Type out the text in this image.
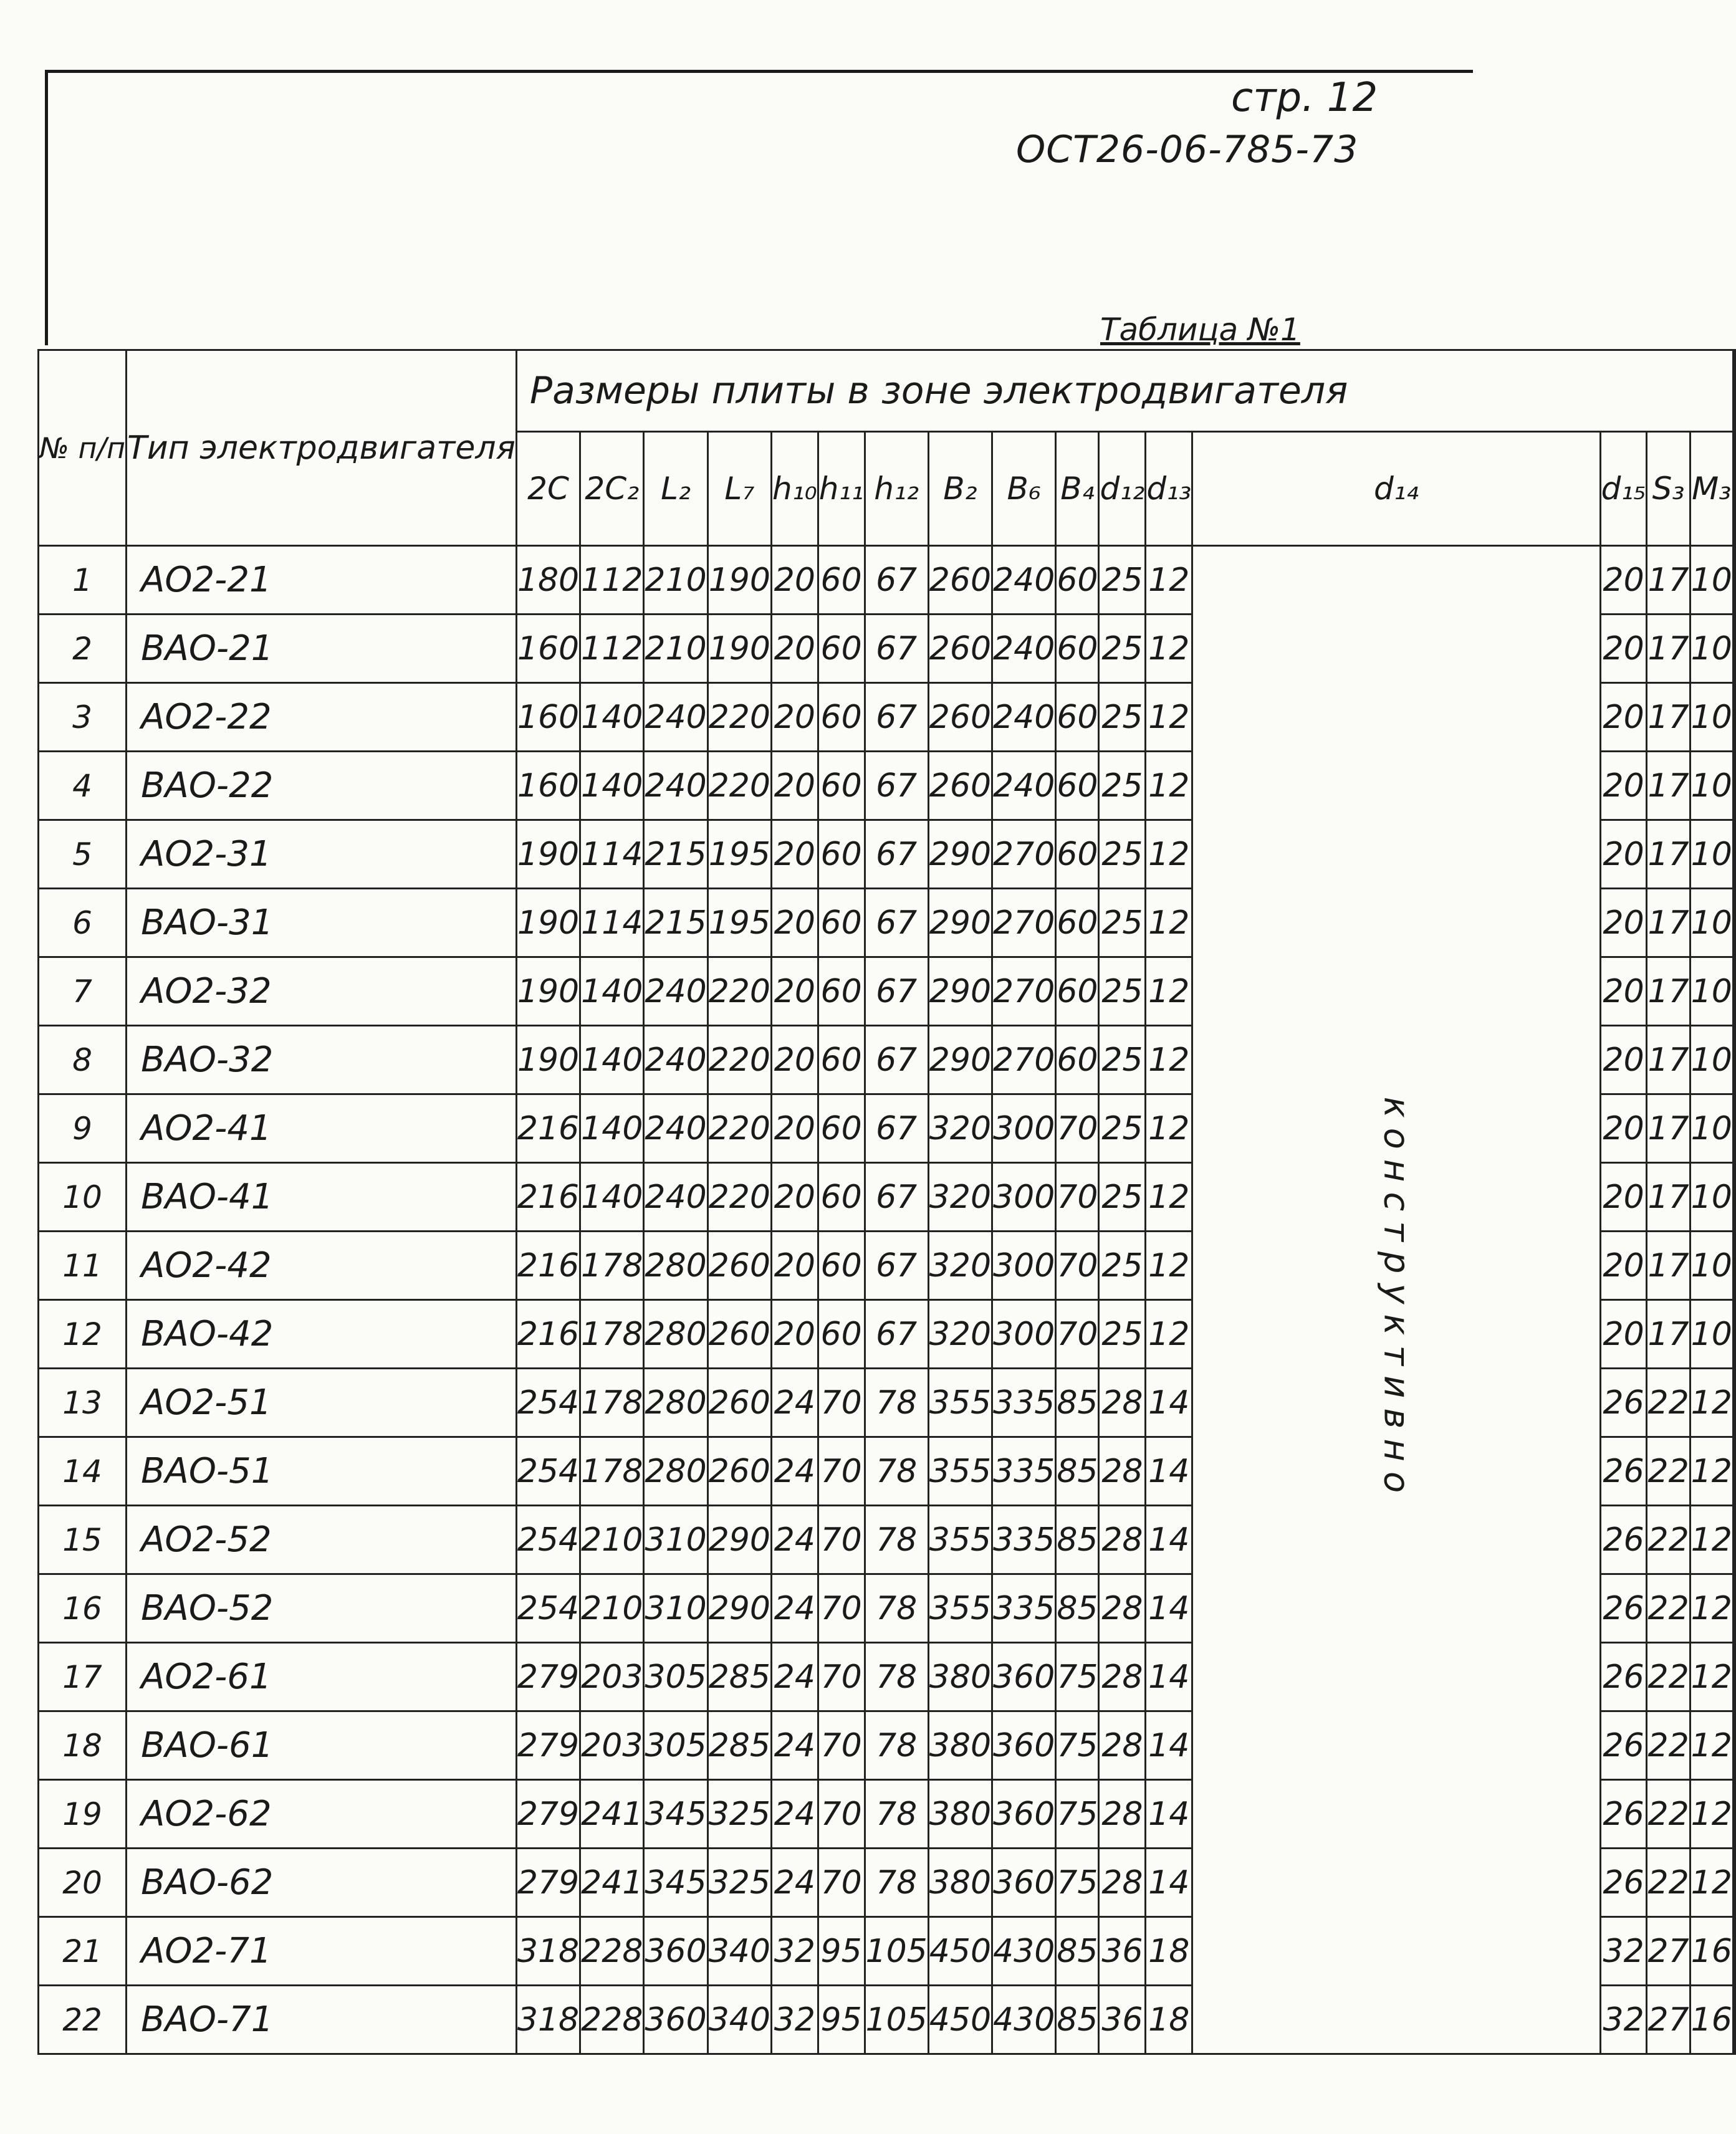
стр. 12
ОСТ26-06-785-73
Таблица №1
№ п/п	Тип электродвигателя	Размеры плиты в зоне электродвигателя																
		2C	2C₂	L₂	L₇	h₁₀	h₁₁	h₁₂	B₂	B₆	B₄	d₁₂	d₁₃	d₁₄	d₁₅	S₃	M₃	
1	АО2-21	180	112	210	190	20	60	67	260	240	60	25	12	конструктивно	20	17	10	
2	ВАО-21	160	112	210	190	20	60	67	260	240	60	25	12		20	17	10	
3	АО2-22	160	140	240	220	20	60	67	260	240	60	25	12		20	17	10	
4	ВАО-22	160	140	240	220	20	60	67	260	240	60	25	12		20	17	10	
5	АО2-31	190	114	215	195	20	60	67	290	270	60	25	12		20	17	10	
6	ВАО-31	190	114	215	195	20	60	67	290	270	60	25	12		20	17	10	
7	АО2-32	190	140	240	220	20	60	67	290	270	60	25	12		20	17	10	
8	ВАО-32	190	140	240	220	20	60	67	290	270	60	25	12		20	17	10	
9	АО2-41	216	140	240	220	20	60	67	320	300	70	25	12		20	17	10	
10	ВАО-41	216	140	240	220	20	60	67	320	300	70	25	12		20	17	10	
11	АО2-42	216	178	280	260	20	60	67	320	300	70	25	12		20	17	10	
12	ВАО-42	216	178	280	260	20	60	67	320	300	70	25	12		20	17	10	
13	АО2-51	254	178	280	260	24	70	78	355	335	85	28	14		26	22	12	
14	ВАО-51	254	178	280	260	24	70	78	355	335	85	28	14		26	22	12	
15	АО2-52	254	210	310	290	24	70	78	355	335	85	28	14		26	22	12	
16	ВАО-52	254	210	310	290	24	70	78	355	335	85	28	14		26	22	12	
17	АО2-61	279	203	305	285	24	70	78	380	360	75	28	14		26	22	12	
18	ВАО-61	279	203	305	285	24	70	78	380	360	75	28	14		26	22	12	
19	АО2-62	279	241	345	325	24	70	78	380	360	75	28	14		26	22	12	
20	ВАО-62	279	241	345	325	24	70	78	380	360	75	28	14		26	22	12	
21	АО2-71	318	228	360	340	32	95	105	450	430	85	36	18		32	27	16	
22	ВАО-71	318	228	360	340	32	95	105	450	430	85	36	18		32	27	16	
